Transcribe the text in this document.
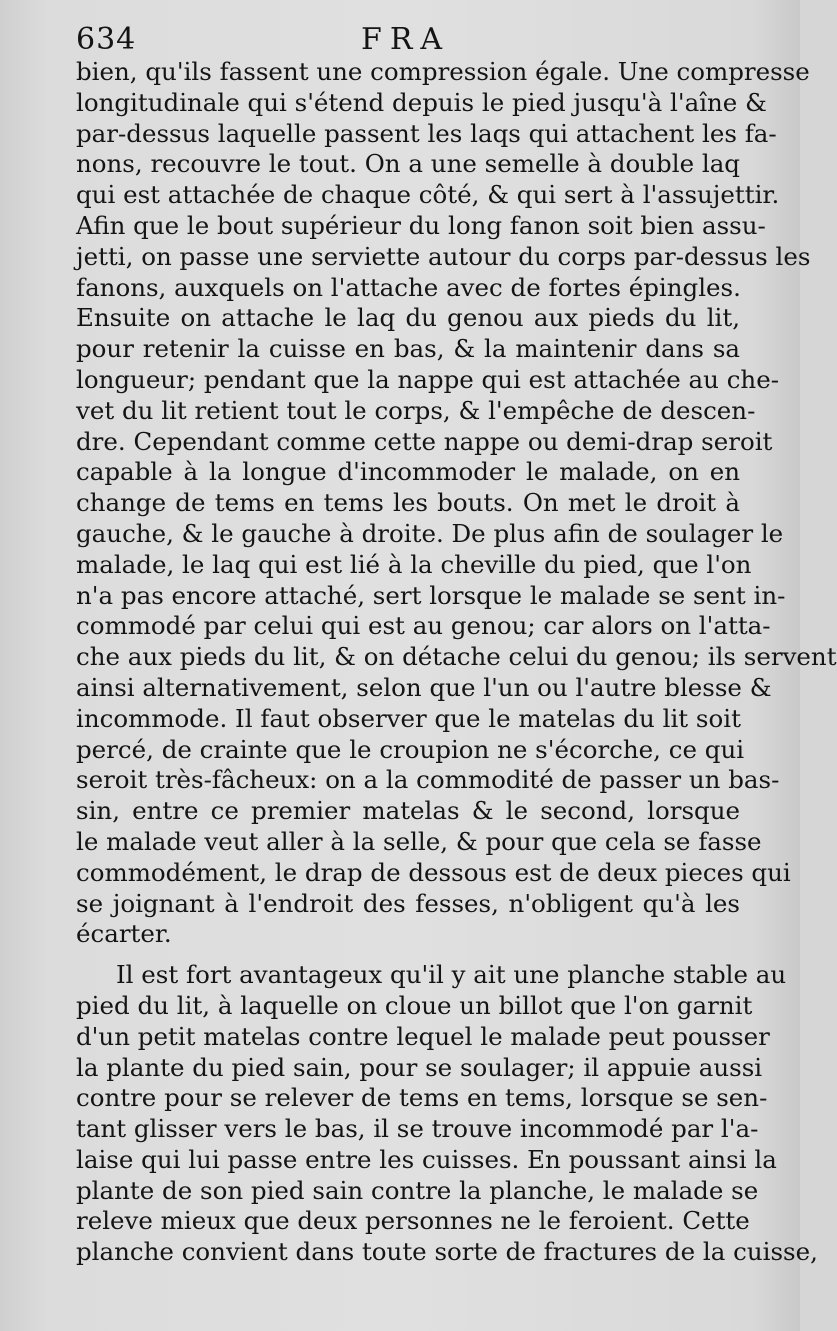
634	FRA
bien, qu'ils fassent une compression égale. Une compresse
longitudinale qui s'étend depuis le pied jusqu'à l'aîne &
par-dessus laquelle passent les laqs qui attachent les fa-
nons, recouvre le tout. On a une semelle à double laq
qui est attachée de chaque côté, & qui sert à l'assujettir.
Afin que le bout supérieur du long fanon soit bien assu-
jetti, on passe une serviette autour du corps par-dessus les
fanons, auxquels on l'attache avec de fortes épingles.
Ensuite on attache le laq du genou aux pieds du lit,
pour retenir la cuisse en bas, & la maintenir dans sa
longueur; pendant que la nappe qui est attachée au che-
vet du lit retient tout le corps, & l'empêche de descen-
dre. Cependant comme cette nappe ou demi-drap seroit
capable à la longue d'incommoder le malade, on en
change de tems en tems les bouts. On met le droit à
gauche, & le gauche à droite. De plus afin de soulager le
malade, le laq qui est lié à la cheville du pied, que l'on
n'a pas encore attaché, sert lorsque le malade se sent in-
commodé par celui qui est au genou; car alors on l'atta-
che aux pieds du lit, & on détache celui du genou; ils servent
ainsi alternativement, selon que l'un ou l'autre blesse &
incommode. Il faut observer que le matelas du lit soit
percé, de crainte que le croupion ne s'écorche, ce qui
seroit très-fâcheux: on a la commodité de passer un bas-
sin, entre ce premier matelas & le second, lorsque
le malade veut aller à la selle, & pour que cela se fasse
commodément, le drap de dessous est de deux pieces qui
se joignant à l'endroit des fesses, n'obligent qu'à les
écarter.
Il est fort avantageux qu'il y ait une planche stable au
pied du lit, à laquelle on cloue un billot que l'on garnit
d'un petit matelas contre lequel le malade peut pousser
la plante du pied sain, pour se soulager; il appuie aussi
contre pour se relever de tems en tems, lorsque se sen-
tant glisser vers le bas, il se trouve incommodé par l'a-
laise qui lui passe entre les cuisses. En poussant ainsi la
plante de son pied sain contre la planche, le malade se
releve mieux que deux personnes ne le feroient. Cette
planche convient dans toute sorte de fractures de la cuisse,
